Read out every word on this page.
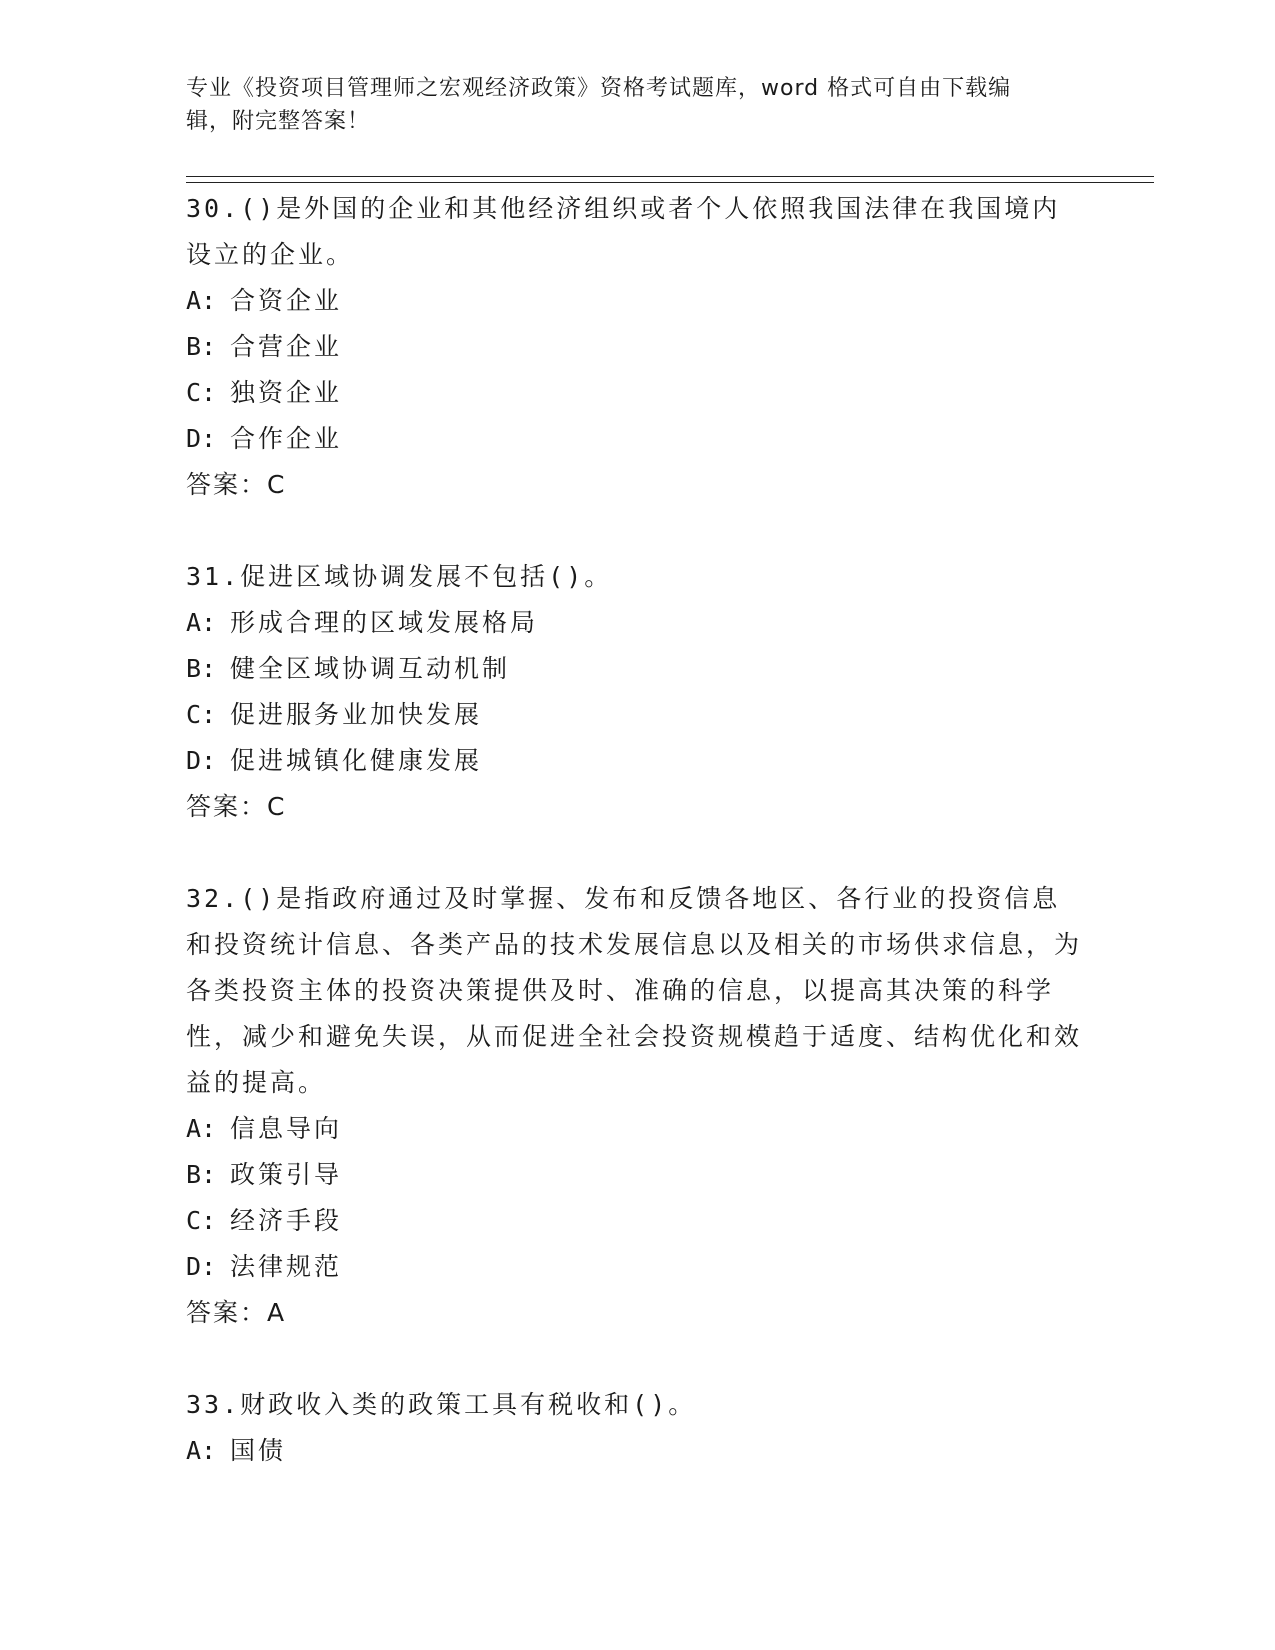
专业《投资项目管理师之宏观经济政策》资格考试题库，word 格式可自由下载编
辑，附完整答案！
30.()是外国的企业和其他经济组织或者个人依照我国法律在我国境内设立的企业。
A: 合资企业
B: 合营企业
C: 独资企业
D: 合作企业
答案：C
31.促进区域协调发展不包括()。
A: 形成合理的区域发展格局
B: 健全区域协调互动机制
C: 促进服务业加快发展
D: 促进城镇化健康发展
答案：C
32.()是指政府通过及时掌握、发布和反馈各地区、各行业的投资信息和投资统计信息、各类产品的技术发展信息以及相关的市场供求信息，为各类投资主体的投资决策提供及时、准确的信息，以提高其决策的科学性，减少和避免失误，从而促进全社会投资规模趋于适度、结构优化和效益的提高。
A: 信息导向
B: 政策引导
C: 经济手段
D: 法律规范
答案：A
33.财政收入类的政策工具有税收和()。
A: 国债
